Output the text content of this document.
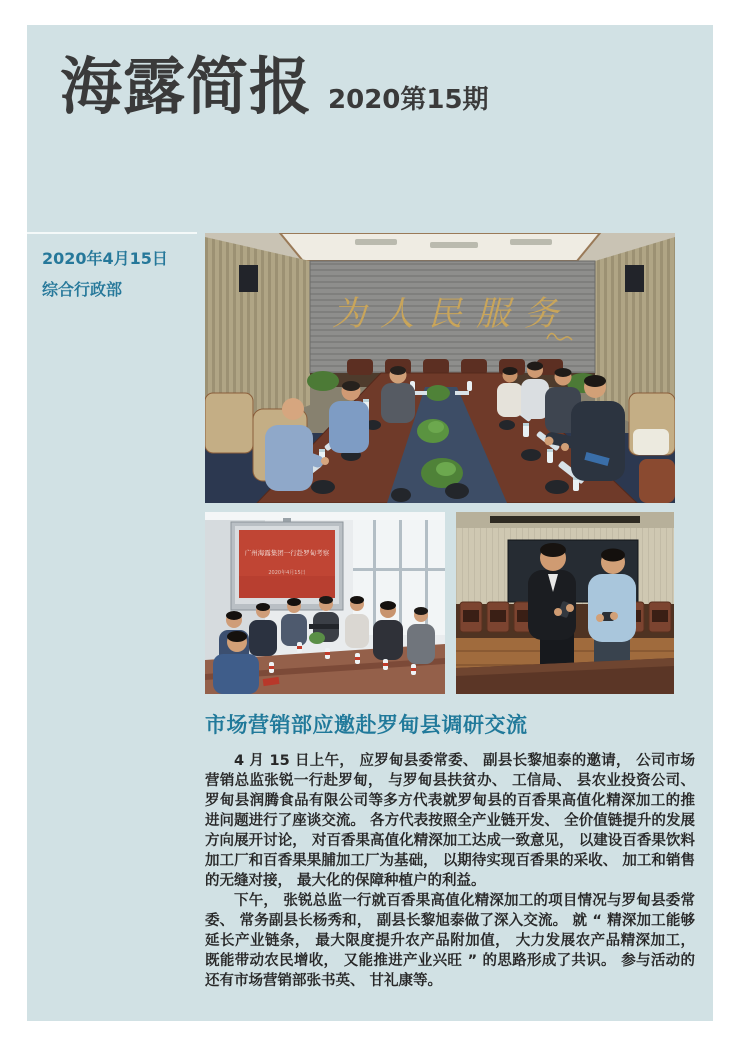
海露简报 2020第15期
2020年4月15日
综合行政部
为人民服务
广州海露集团一行赴罗甸考察
2020年4月15日
市场营销部应邀赴罗甸县调研交流

4 月 15 日上午， 应罗甸县委常委、 副县长黎旭泰的邀请， 公司市场营销总监张锐一行赴罗甸， 与罗甸县扶贫办、 工信局、 县农业投资公司、 罗甸县润腾食品有限公司等多方代表就罗甸县的百香果高值化精深加工的推进问题进行了座谈交流。 各方代表按照全产业链开发、 全价值链提升的发展方向展开讨论， 对百香果高值化精深加工达成一致意见， 以建设百香果饮料加工厂和百香果果脯加工厂为基础， 以期待实现百香果的采收、 加工和销售的无缝对接， 最大化的保障种植户的利益。

下午， 张锐总监一行就百香果高值化精深加工的项目情况与罗甸县委常委、 常务副县长杨秀和， 副县长黎旭泰做了深入交流。 就 “ 精深加工能够延长产业链条， 最大限度提升农产品附加值， 大力发展农产品精深加工， 既能带动农民增收， 又能推进产业兴旺 ” 的思路形成了共识。 参与活动的还有市场营销部张书英、 甘礼康等。
